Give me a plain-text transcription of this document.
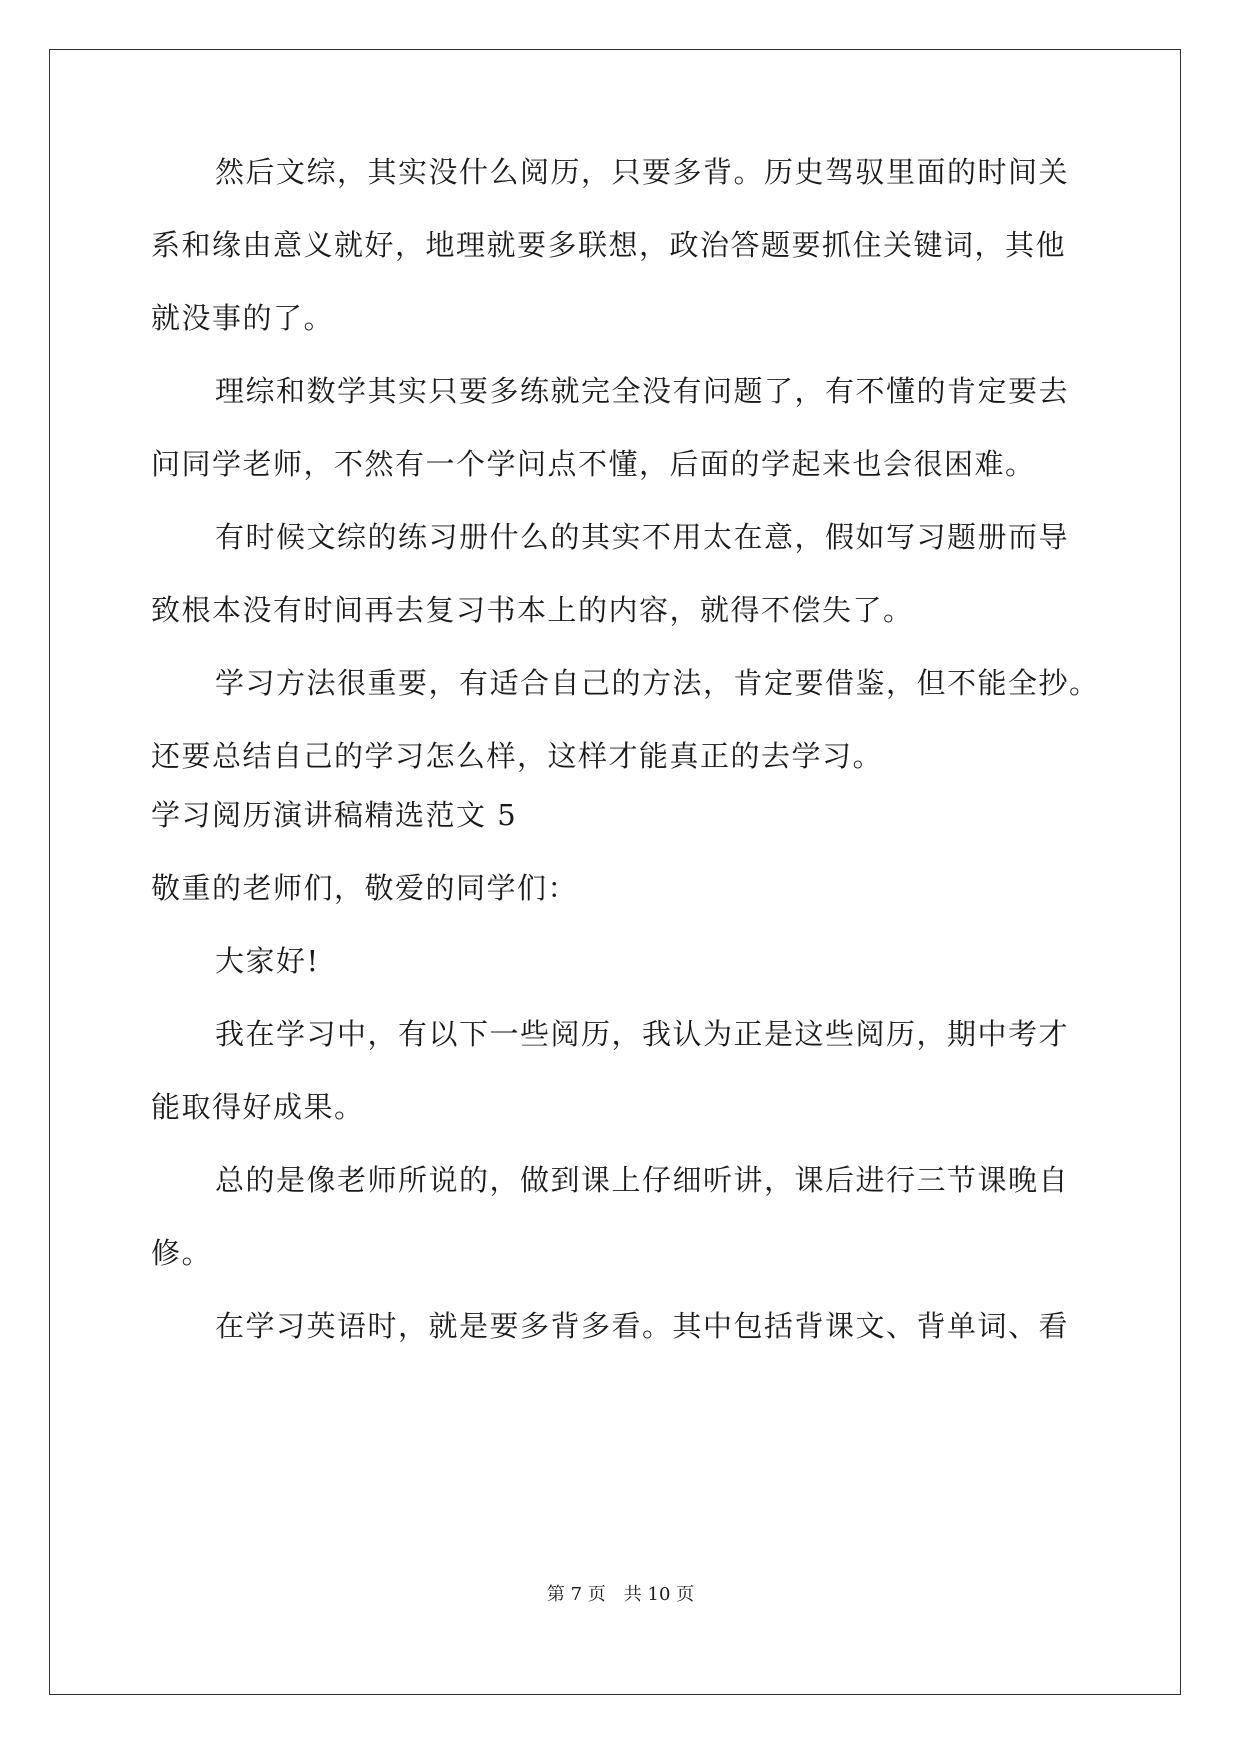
然后文综，其实没什么阅历，只要多背。历史驾驭里面的时间关
系和缘由意义就好，地理就要多联想，政治答题要抓住关键词，其他
就没事的了。
理综和数学其实只要多练就完全没有问题了，有不懂的肯定要去
问同学老师，不然有一个学问点不懂，后面的学起来也会很困难。
有时候文综的练习册什么的其实不用太在意，假如写习题册而导
致根本没有时间再去复习书本上的内容，就得不偿失了。
学习方法很重要，有适合自己的方法，肯定要借鉴，但不能全抄。
还要总结自己的学习怎么样，这样才能真正的去学习。
学习阅历演讲稿精选范文 5
敬重的老师们，敬爱的同学们：
大家好!
我在学习中，有以下一些阅历，我认为正是这些阅历，期中考才
能取得好成果。
总的是像老师所说的，做到课上仔细听讲，课后进行三节课晚自
修。
在学习英语时，就是要多背多看。其中包括背课文、背单词、看
第 7 页 共 10 页
